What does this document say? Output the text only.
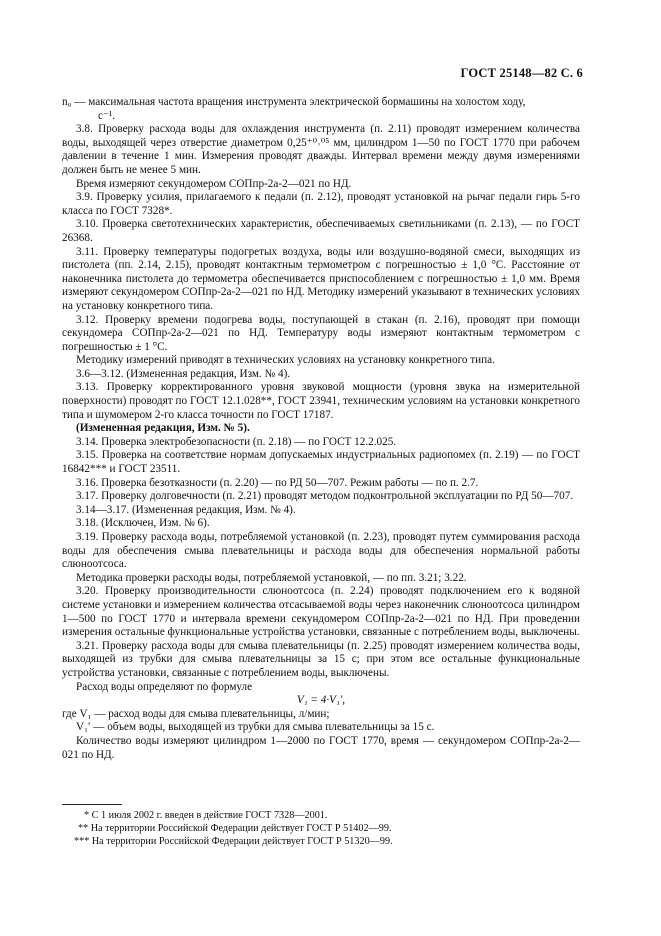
ГОСТ 25148—82 С. 6

n₀ — максимальная частота вращения инструмента электрической бормашины на холостом ходу,

с⁻¹.

3.8. Проверку расхода воды для охлаждения инструмента (п. 2.11) проводят измерением количества воды, выходящей через отверстие диаметром 0,25⁺⁰˒⁰⁵ мм, цилиндром 1—50 по ГОСТ 1770 при рабочем давлении в течение 1 мин. Измерения проводят дважды. Интервал времени между двумя измерениями должен быть не менее 5 мин.

Время измеряют секундомером СОПпр-2а-2—021 по НД.

3.9. Проверку усилия, прилагаемого к педали (п. 2.12), проводят установкой на рычаг педали гирь 5-го класса по ГОСТ 7328*.

3.10. Проверка светотехнических характеристик, обеспечиваемых светильниками (п. 2.13), — по ГОСТ 26368.

3.11. Проверку температуры подогретых воздуха, воды или воздушно-водяной смеси, выходящих из пистолета (пп. 2.14, 2.15), проводят контактным термометром с погрешностью ± 1,0 °С. Расстояние от наконечника пистолета до термометра обеспечивается приспособлением с погрешностью ± 1,0 мм. Время измеряют секундомером СОПпр-2а-2—021 по НД. Методику измерений указывают в технических условиях на установку конкретного типа.

3.12. Проверку времени подогрева воды, поступающей в стакан (п. 2.16), проводят при помощи секундомера СОПпр-2а-2—021 по НД. Температуру воды измеряют контактным термометром с погрешностью ± 1 °С.

Методику измерений приводят в технических условиях на установку конкретного типа.

3.6—3.12. (Измененная редакция, Изм. № 4).

3.13. Проверку корректированного уровня звуковой мощности (уровня звука на измерительной поверхности) проводят по ГОСТ 12.1.028**, ГОСТ 23941, техническим условиям на установки конкретного типа и шумомером 2-го класса точности по ГОСТ 17187.

(Измененная редакция, Изм. № 5).

3.14. Проверка электробезопасности (п. 2.18) — по ГОСТ 12.2.025.

3.15. Проверка на соответствие нормам допускаемых индустриальных радиопомех (п. 2.19) — по ГОСТ 16842*** и ГОСТ 23511.

3.16. Проверка безотказности (п. 2.20) — по РД 50—707. Режим работы — по п. 2.7.

3.17. Проверку долговечности (п. 2.21) проводят методом подконтрольной эксплуатации по РД 50—707.

3.14—3.17. (Измененная редакция, Изм. № 4).

3.18. (Исключен, Изм. № 6).

3.19. Проверку расхода воды, потребляемой установкой (п. 2.23), проводят путем суммирования расхода воды для обеспечения смыва плевательницы и расхода воды для обеспечения нормальной работы слюноотсоса.

Методика проверки расходы воды, потребляемой установкой, — по пп. 3.21; 3.22.

3.20. Проверку производительности слюноотсоса (п. 2.24) проводят подключением его к водяной системе установки и измерением количества отсасываемой воды через наконечник слюноотсоса цилиндром 1—500 по ГОСТ 1770 и интервала времени секундомером СОПпр-2а-2—021 по НД. При проведении измерения остальные функциональные устройства установки, связанные с потреблением воды, выключены.

3.21. Проверку расхода воды для смыва плевательницы (п. 2.25) проводят измерением количества воды, выходящей из трубки для смыва плевательницы за 15 с; при этом все остальные функциональные устройства установки, связанные с потреблением воды, выключены.

Расход воды определяют по формуле

V₁ = 4·V₁′,

где V₁ — расход воды для смыва плевательницы, л/мин;

V₁′ — объем воды, выходящей из трубки для смыва плевательницы за 15 с.

Количество воды измеряют цилиндром 1—2000 по ГОСТ 1770, время — секундомером СОПпр-2а-2—021 по НД.

* С 1 июля 2002 г. введен в действие ГОСТ 7328—2001.

** На территории Российской Федерации действует ГОСТ Р 51402—99.

*** На территории Российской Федерации действует ГОСТ Р 51320—99.
